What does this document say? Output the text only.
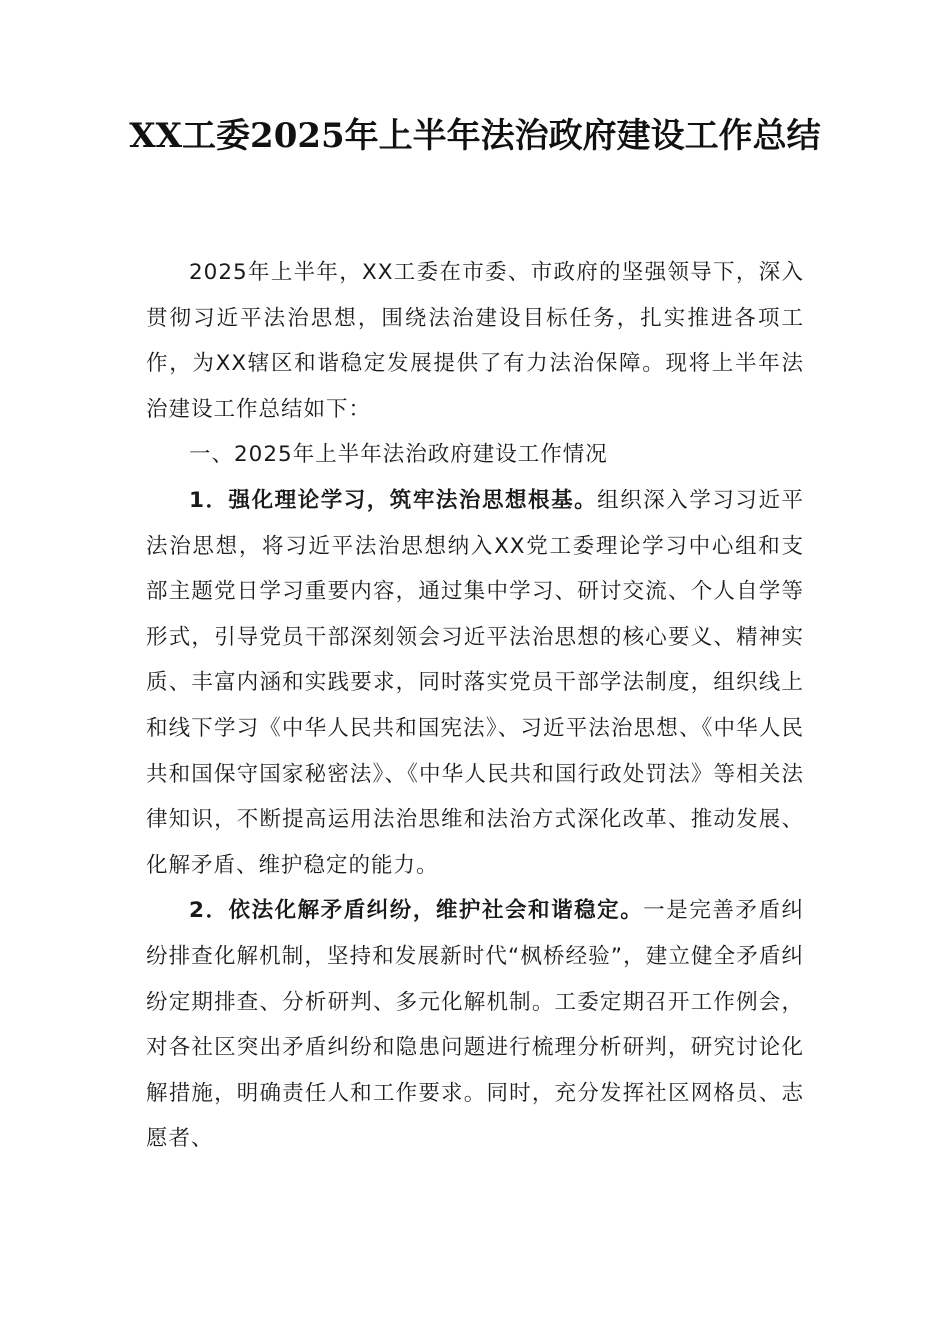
XX工委2025年上半年法治政府建设工作总结

2025年上半年，XX工委在市委、市政府的坚强领导下，深入贯彻习近平法治思想，围绕法治建设目标任务，扎实推进各项工作，为XX辖区和谐稳定发展提供了有力法治保障。现将上半年法治建设工作总结如下：

一、2025年上半年法治政府建设工作情况

1．强化理论学习，筑牢法治思想根基。组织深入学习习近平法治思想，将习近平法治思想纳入XX党工委理论学习中心组和支部主题党日学习重要内容，通过集中学习、研讨交流、个人自学等形式，引导党员干部深刻领会习近平法治思想的核心要义、精神实质、丰富内涵和实践要求，同时落实党员干部学法制度，组织线上和线下学习《中华人民共和国宪法》、习近平法治思想、《中华人民共和国保守国家秘密法》、《中华人民共和国行政处罚法》等相关法律知识，不断提高运用法治思维和法治方式深化改革、推动发展、化解矛盾、维护稳定的能力。

2．依法化解矛盾纠纷，维护社会和谐稳定。一是完善矛盾纠纷排查化解机制，坚持和发展新时代“枫桥经验”，建立健全矛盾纠纷定期排查、分析研判、多元化解机制。工委定期召开工作例会，对各社区突出矛盾纠纷和隐患问题进行梳理分析研判，研究讨论化解措施，明确责任人和工作要求。同时，充分发挥社区网格员、志愿者、
